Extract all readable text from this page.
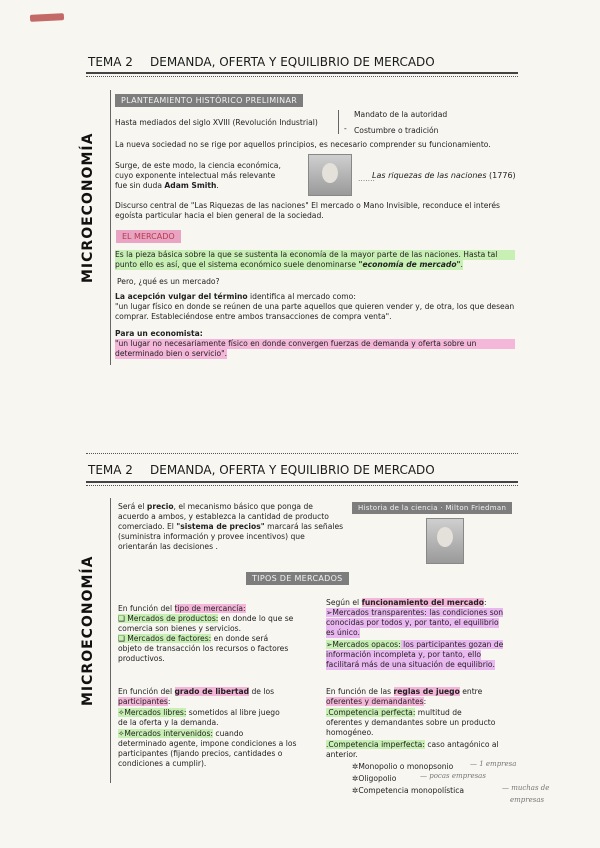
TEMA 2 DEMANDA, OFERTA Y EQUILIBRIO DE MERCADO
MICROECONOMÍA
PLANTEAMIENTO HISTÓRICO PRELIMINAR
Hasta mediados del siglo XVIII (Revolución Industrial)
-
Mandato de la autoridad
Costumbre o tradición
La nueva sociedad no se rige por aquellos principios, es necesario comprender su funcionamiento.
Surge, de este modo, la ciencia económica,
cuyo exponente intelectual más relevante
fue sin duda Adam Smith.
.......
Las riquezas de las naciones (1776)
Discurso central de "Las Riquezas de las naciones" El mercado o Mano Invisible, reconduce el interés
egoísta particular hacia el bien general de la sociedad.
EL MERCADO
Es la pieza básica sobre la que se sustenta la economía de la mayor parte de las naciones. Hasta tal
punto ello es así, que el sistema económico suele denominarse "economía de mercado".
Pero, ¿qué es un mercado?
La acepción vulgar del término identifica al mercado como:
"un lugar físico en donde se reúnen de una parte aquellos que quieren vender y, de otra, los que desean
comprar. Estableciéndose entre ambos transacciones de compra venta".
Para un economista:
"un lugar no necesariamente físico en donde convergen fuerzas de demanda y oferta sobre un
determinado bien o servicio".
TEMA 2 DEMANDA, OFERTA Y EQUILIBRIO DE MERCADO
MICROECONOMÍA
Será el precio, el mecanismo básico que ponga de
acuerdo a ambos, y establezca la cantidad de producto
comerciado. El "sistema de precios" marcará las señales
(suministra información y provee incentivos) que
orientarán las decisiones .
Historia de la ciencia · Milton Friedman
TIPOS DE MERCADOS
En función del tipo de mercancía:
❑ Mercados de productos: en donde lo que se
comercia son bienes y servicios.
❑ Mercados de factores: en donde será
objeto de transacción los recursos o factores
productivos.
En función del grado de libertad de los
participantes:
✧Mercados libres: sometidos al libre juego
de la oferta y la demanda.
✧Mercados intervenidos: cuando
determinado agente, impone condiciones a los
participantes (fijando precios, cantidades o
condiciones a cumplir).
Según el funcionamiento del mercado:
➢Mercados transparentes: las condiciones son
conocidas por todos y, por tanto, el equilibrio
es único.
➢Mercados opacos: los participantes gozan de
información incompleta y, por tanto, ello
facilitará más de una situación de equilibrio.
En función de las reglas de juego entre
oferentes y demandantes:
.Competencia perfecta: multitud de
oferentes y demandantes sobre un producto
homogéneo.
.Competencia imperfecta: caso antagónico al
anterior.
✲Monopolio o monopsonio
✲Oligopolio
✲Competencia monopolística
— 1 empresa
— pocas empresas
— muchas de
empresas
